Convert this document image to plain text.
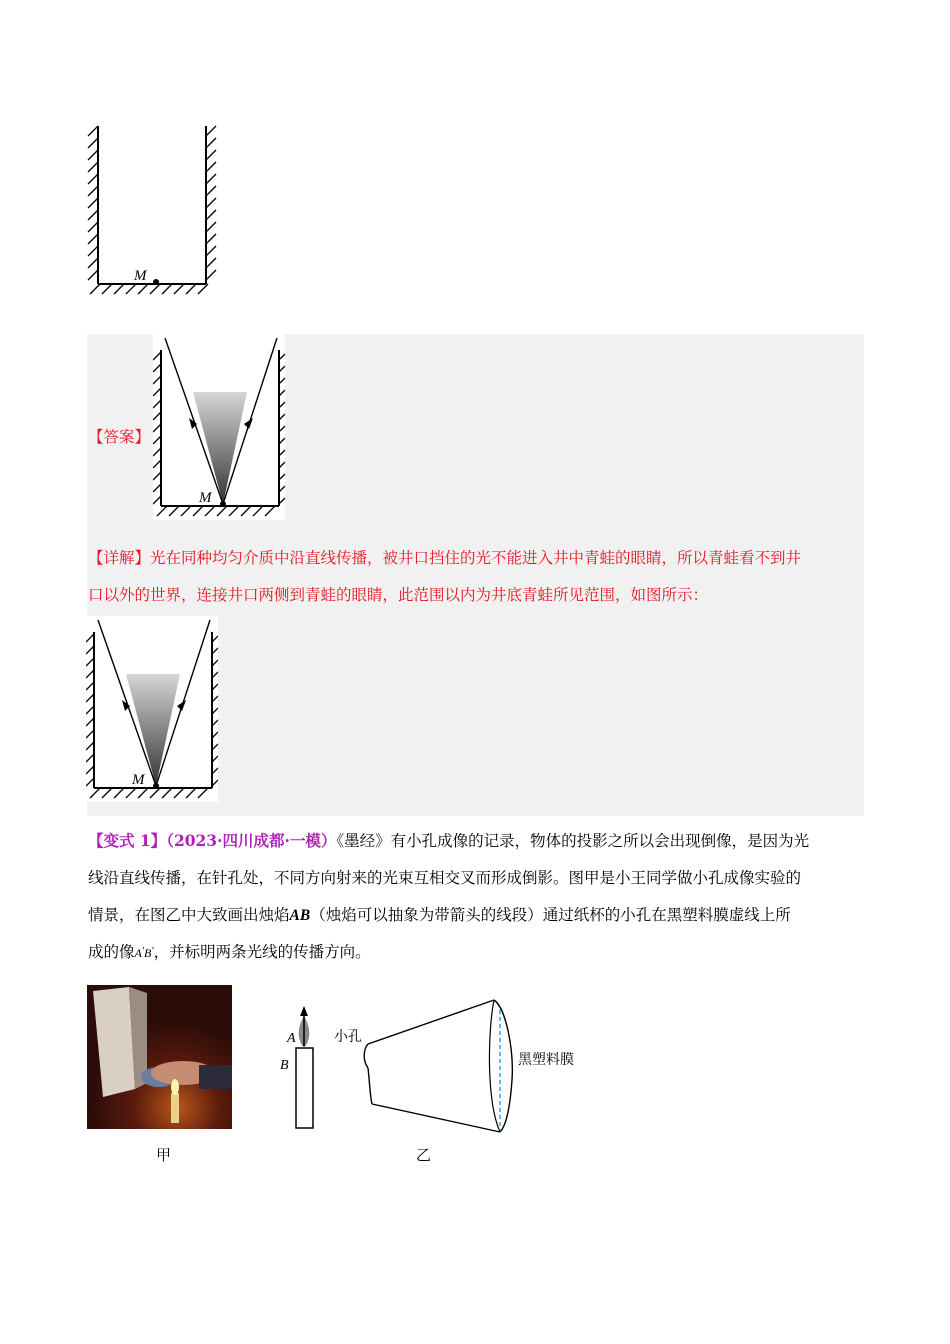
M
【答案】
M
【详解】光在同种均匀介质中沿直线传播，被井口挡住的光不能进入井中青蛙的眼睛，所以青蛙看不到井
口以外的世界，连接井口两侧到青蛙的眼睛，此范围以内为井底青蛙所见范围，如图所示：
M
【变式 1】（2023·四川成都·一模）《墨经》有小孔成像的记录，物体的投影之所以会出现倒像，是因为光
线沿直线传播，在针孔处，不同方向射来的光束互相交叉而形成倒影。图甲是小王同学做小孔成像实验的
情景，在图乙中大致画出烛焰AB（烛焰可以抽象为带箭头的线段）通过纸杯的小孔在黑塑料膜虚线上所
成的像A′B′，并标明两条光线的传播方向。
甲
A
B
小孔
黑塑料膜
乙
